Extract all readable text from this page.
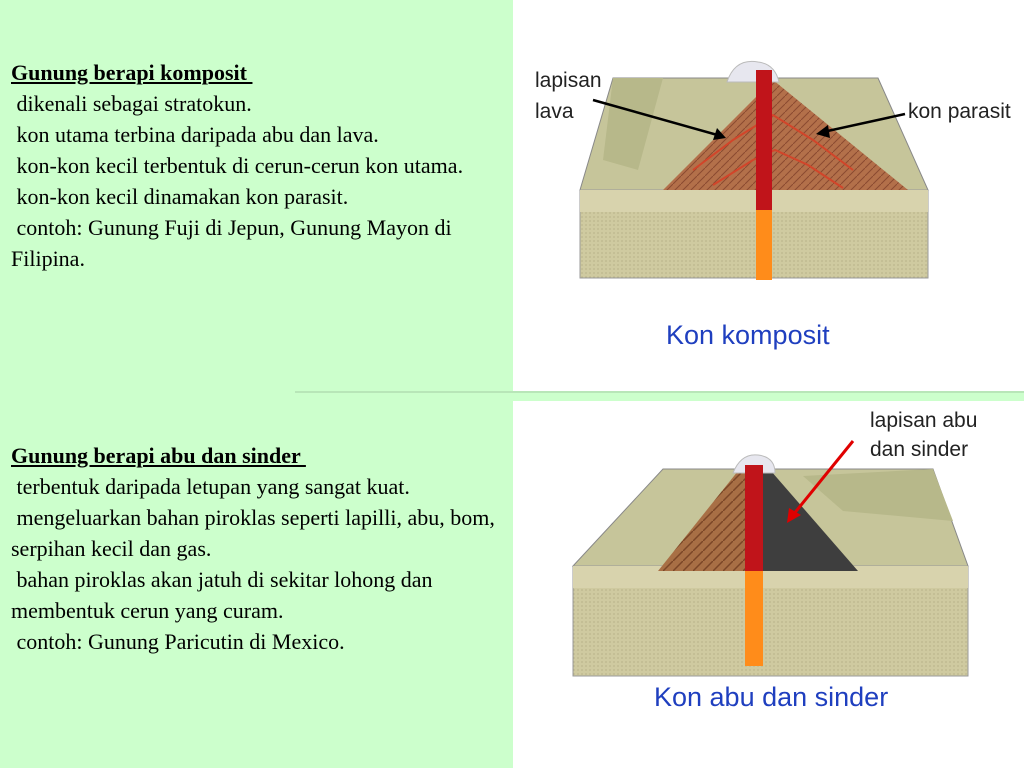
Gunung berapi komposit
dikenali sebagai stratokun.
kon utama terbina daripada abu dan lava.
kon-kon kecil terbentuk di cerun-cerun kon utama.
kon-kon kecil dinamakan kon parasit.
contoh: Gunung Fuji di Jepun, Gunung Mayon di Filipina.
Gunung berapi abu dan sinder
terbentuk daripada letupan yang sangat kuat.
mengeluarkan bahan piroklas seperti lapilli, abu, bom, serpihan kecil dan gas.
bahan piroklas akan jatuh di sekitar lohong dan membentuk cerun yang curam.
contoh: Gunung Paricutin di Mexico.
lapisan
lava	kon parasit
Kon komposit
lapisan abu
dan sinder
Kon abu dan sinder
